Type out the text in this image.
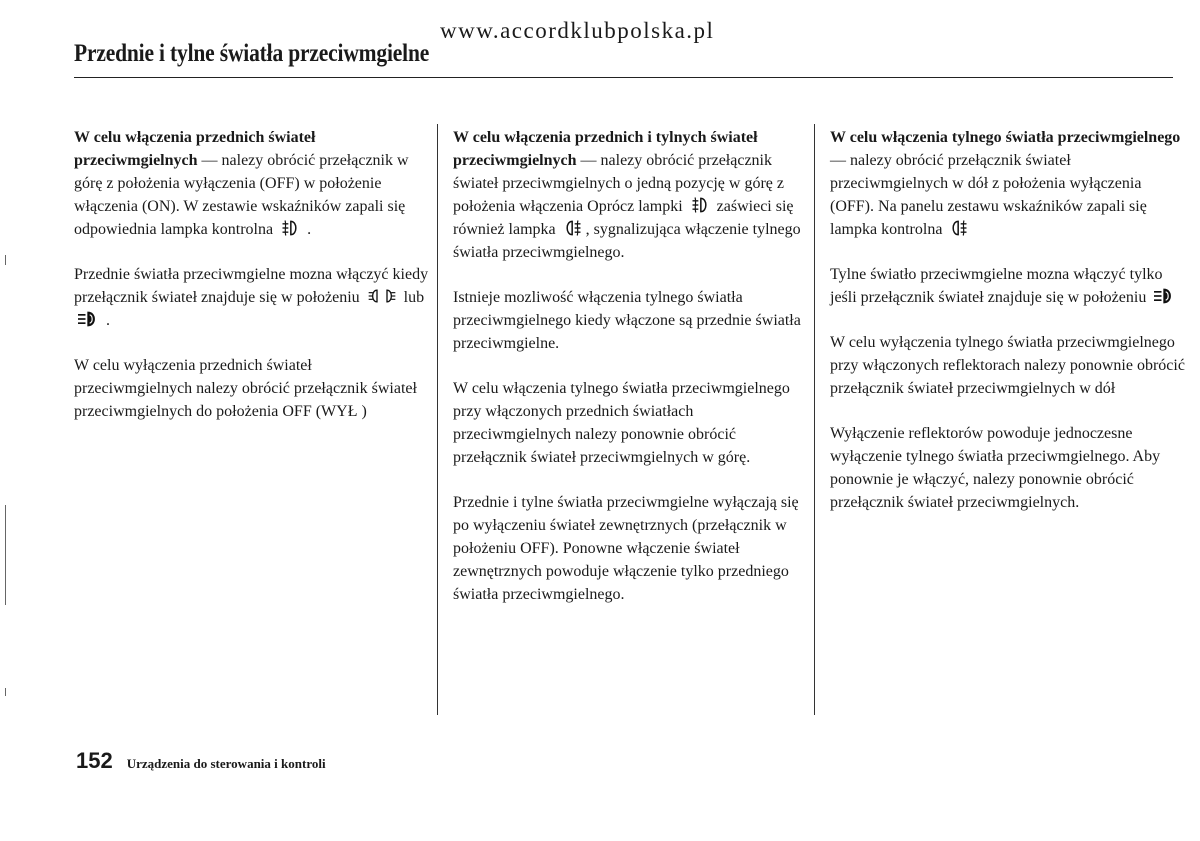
www.accordklubpolska.pl
Przednie i tylne światła przeciwmgielne

W celu włączenia przednich świateł przeciwmgielnych — nalezy obrócić przełącznik w górę z położenia wyłączenia (OFF) w położenie włączenia (ON). W zestawie wskaźników zapali się odpowiednia lampka kontrolna .

Przednie światła przeciwmgielne mozna włączyć kiedy przełącznik świateł znajduje się w położeniu	lub
.

W celu wyłączenia przednich świateł przeciwmgielnych nalezy obrócić przełącznik świateł przeciwmgielnych do położenia OFF (WYŁ )

W celu włączenia przednich i tylnych świateł przeciwmgielnych — nalezy obrócić przełącznik świateł przeciwmgielnych o jedną pozycję w górę z położenia włączenia Oprócz lampki zaświeci się również lampka , sygnalizująca włączenie tylnego światła przeciwmgielnego.

Istnieje mozliwość włączenia tylnego światła przeciwmgielnego kiedy włączone są przednie światła przeciwmgielne.

W celu włączenia tylnego światła przeciwmgielnego przy włączonych przednich światłach przeciwmgielnych nalezy ponownie obrócić przełącznik świateł przeciwmgielnych w górę.

Przednie i tylne światła przeciwmgielne wyłączają się po wyłączeniu świateł zewnętrznych (przełącznik w położeniu OFF). Ponowne włączenie świateł zewnętrznych powoduje włączenie tylko przedniego światła przeciwmgielnego.

W celu włączenia tylnego światła przeciwmgielnego — nalezy obrócić przełącznik świateł przeciwmgielnych w dół z położenia wyłączenia (OFF). Na panelu zestawu wskaźników zapali się lampka kontrolna

Tylne światło przeciwmgielne mozna włączyć tylko jeśli przełącznik świateł znajduje się w położeniu

W celu wyłączenia tylnego światła przeciwmgielnego przy włączonych reflektorach nalezy ponownie obrócić przełącznik świateł przeciwmgielnych w dół

Wyłączenie reflektorów powoduje jednoczesne wyłączenie tylnego światła przeciwmgielnego. Aby ponownie je włączyć, nalezy ponownie obrócić przełącznik świateł przeciwmgielnych.

152 Urządzenia do sterowania i kontroli
